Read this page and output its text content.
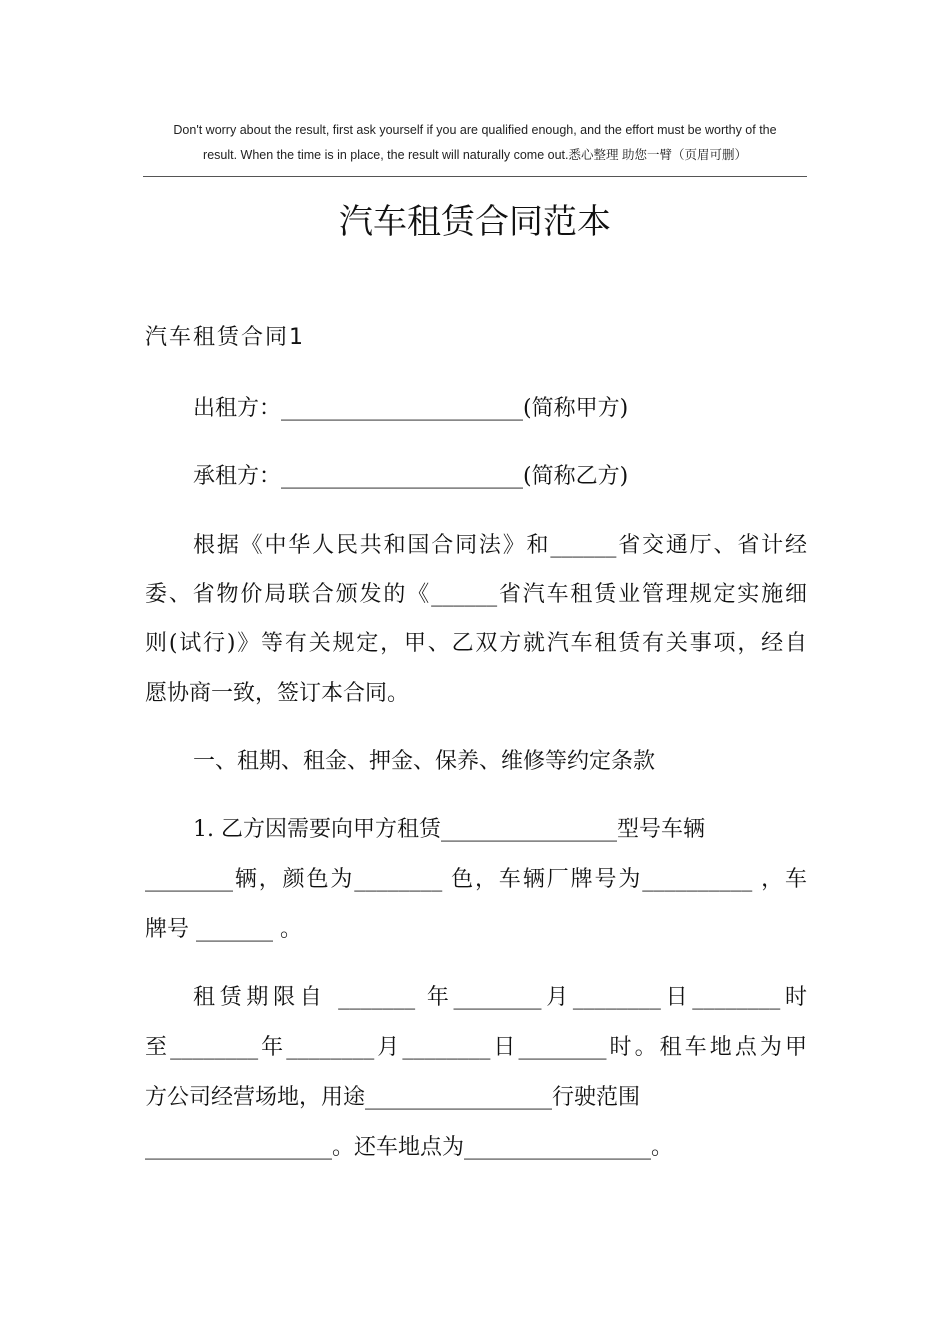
Don't worry about the result, first ask yourself if you are qualified enough, and the effort must be worthy of the
result. When the time is in place, the result will naturally come out.悉心整理 助您一臂（页眉可删）
汽车租赁合同范本
汽车租赁合同1
出租方：______________________(简称甲方)
承租方：______________________(简称乙方)
根据《中华人民共和国合同法》和______省交通厅、省计经
委、省物价局联合颁发的《______省汽车租赁业管理规定实施细
则(试行)》等有关规定，甲、乙双方就汽车租赁有关事项，经自
愿协商一致，签订本合同。
一、租期、租金、押金、保养、维修等约定条款
1. 乙方因需要向甲方租赁________________型号车辆
________辆，颜色为________ 色，车辆厂牌号为__________ ，车
牌号 _______ 。
租赁期限自 _______ 年________月________日________时
至________年________月________日________时。租车地点为甲
方公司经营场地，用途_________________行驶范围
_________________。还车地点为_________________。
